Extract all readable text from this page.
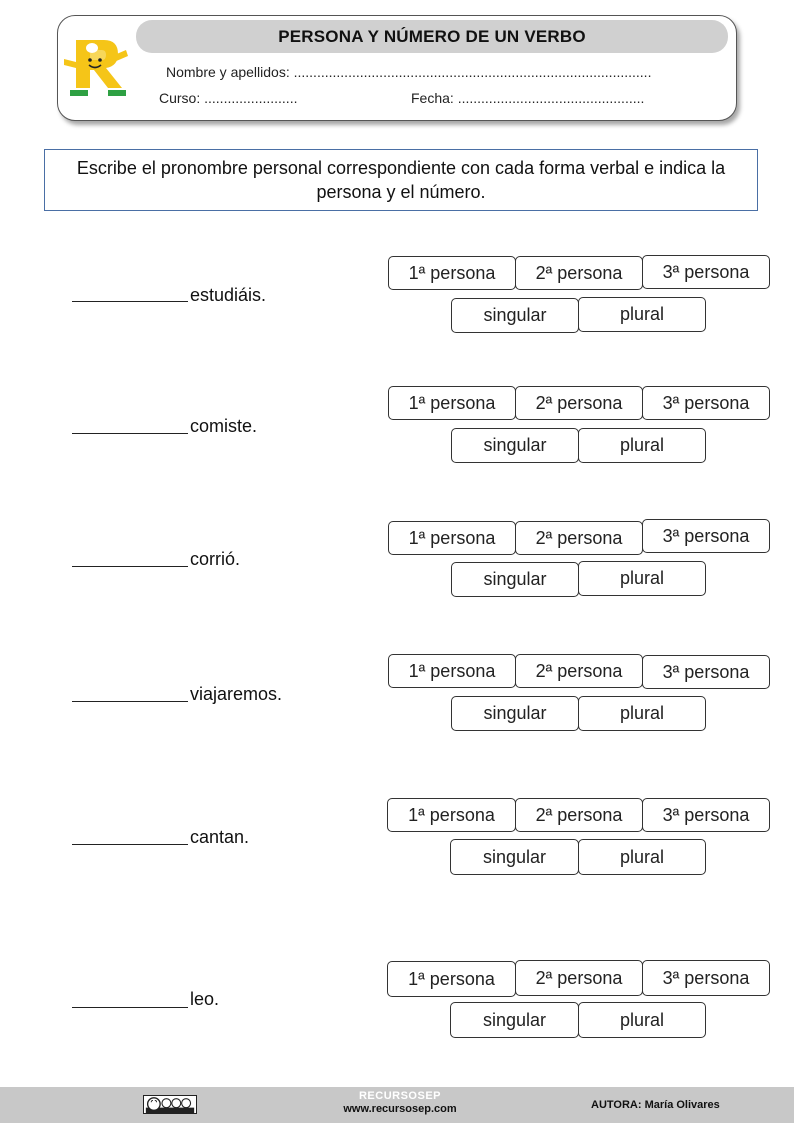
PERSONA Y NÚMERO DE UN VERBO
Nombre y apellidos: ............................................................................................
Curso: ........................	Fecha: ................................................
Escribe el pronombre personal correspondiente con cada forma verbal e indica la persona y el número.
estudiáis.
1ª persona	2ª persona	3ª persona
singular	plural
comiste.
1ª persona	2ª persona	3ª persona
singular	plural
corrió.
1ª persona	2ª persona	3ª persona
singular	plural
viajaremos.
1ª persona	2ª persona	3ª persona
singular	plural
cantan.
1ª persona	2ª persona	3ª persona
singular	plural
leo.
1ª persona	2ª persona	3ª persona
singular	plural
RECURSOSEP
www.recursosep.com	AUTORA: María Olivares
